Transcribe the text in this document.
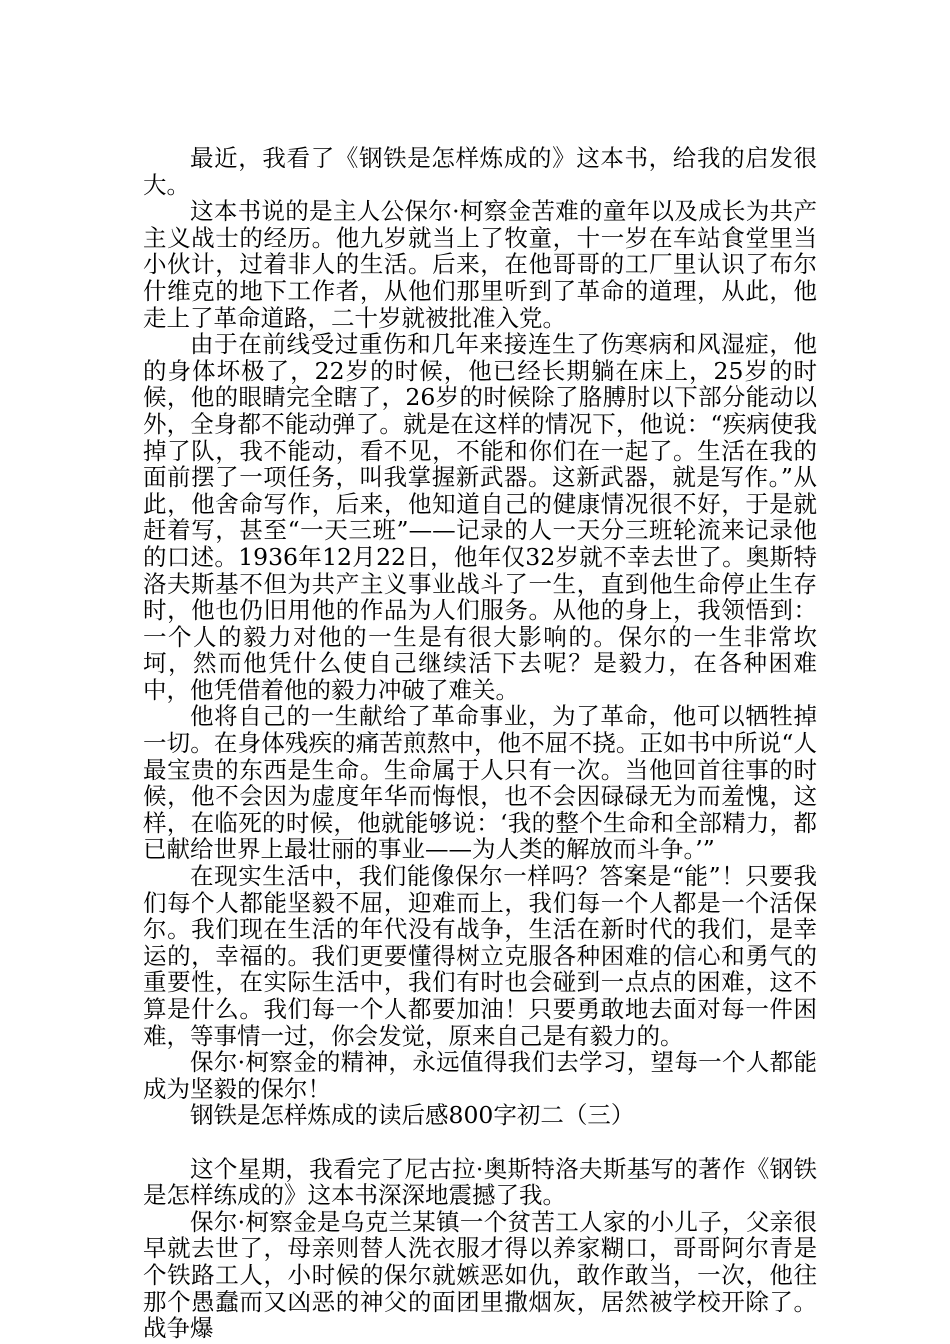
最近，我看了《钢铁是怎样炼成的》这本书，给我的启发很大。

这本书说的是主人公保尔·柯察金苦难的童年以及成长为共产主义战士的经历。他九岁就当上了牧童，十一岁在车站食堂里当小伙计，过着非人的生活。后来，在他哥哥的工厂里认识了布尔什维克的地下工作者，从他们那里听到了革命的道理，从此，他走上了革命道路，二十岁就被批准入党。

由于在前线受过重伤和几年来接连生了伤寒病和风湿症，他的身体坏极了，22岁的时候，他已经长期躺在床上，25岁的时候，他的眼睛完全瞎了，26岁的时候除了胳膊肘以下部分能动以外，全身都不能动弹了。就是在这样的情况下，他说：“疾病使我掉了队，我不能动，看不见，不能和你们在一起了。生活在我的面前摆了一项任务，叫我掌握新武器。这新武器，就是写作。”从此，他舍命写作，后来，他知道自己的健康情况很不好，于是就赶着写，甚至“一天三班”——记录的人一天分三班轮流来记录他的口述。1936年12月22日，他年仅32岁就不幸去世了。奥斯特洛夫斯基不但为共产主义事业战斗了一生，直到他生命停止生存时，他也仍旧用他的作品为人们服务。从他的身上，我领悟到：一个人的毅力对他的一生是有很大影响的。保尔的一生非常坎坷，然而他凭什么使自己继续活下去呢？是毅力，在各种困难中，他凭借着他的毅力冲破了难关。

他将自己的一生献给了革命事业，为了革命，他可以牺牲掉一切。在身体残疾的痛苦煎熬中，他不屈不挠。正如书中所说“人最宝贵的东西是生命。生命属于人只有一次。当他回首往事的时候，他不会因为虚度年华而悔恨，也不会因碌碌无为而羞愧，这样，在临死的时候，他就能够说：‘我的整个生命和全部精力，都已献给世界上最壮丽的事业——为人类的解放而斗争。’”

在现实生活中，我们能像保尔一样吗？答案是“能”！只要我们每个人都能坚毅不屈，迎难而上，我们每一个人都是一个活保尔。我们现在生活的年代没有战争，生活在新时代的我们，是幸运的，幸福的。我们更要懂得树立克服各种困难的信心和勇气的重要性，在实际生活中，我们有时也会碰到一点点的困难，这不算是什么。我们每一个人都要加油！只要勇敢地去面对每一件困难，等事情一过，你会发觉，原来自己是有毅力的。

保尔·柯察金的精神，永远值得我们去学习，望每一个人都能成为坚毅的保尔！

钢铁是怎样炼成的读后感800字初二（三）

这个星期，我看完了尼古拉·奥斯特洛夫斯基写的著作《钢铁是怎样练成的》这本书深深地震撼了我。

保尔·柯察金是乌克兰某镇一个贫苦工人家的小儿子，父亲很早就去世了，母亲则替人洗衣服才得以养家糊口，哥哥阿尔青是个铁路工人，小时候的保尔就嫉恶如仇，敢作敢当，一次，他往那个愚蠢而又凶恶的神父的面团里撒烟灰，居然被学校开除了。战争爆
